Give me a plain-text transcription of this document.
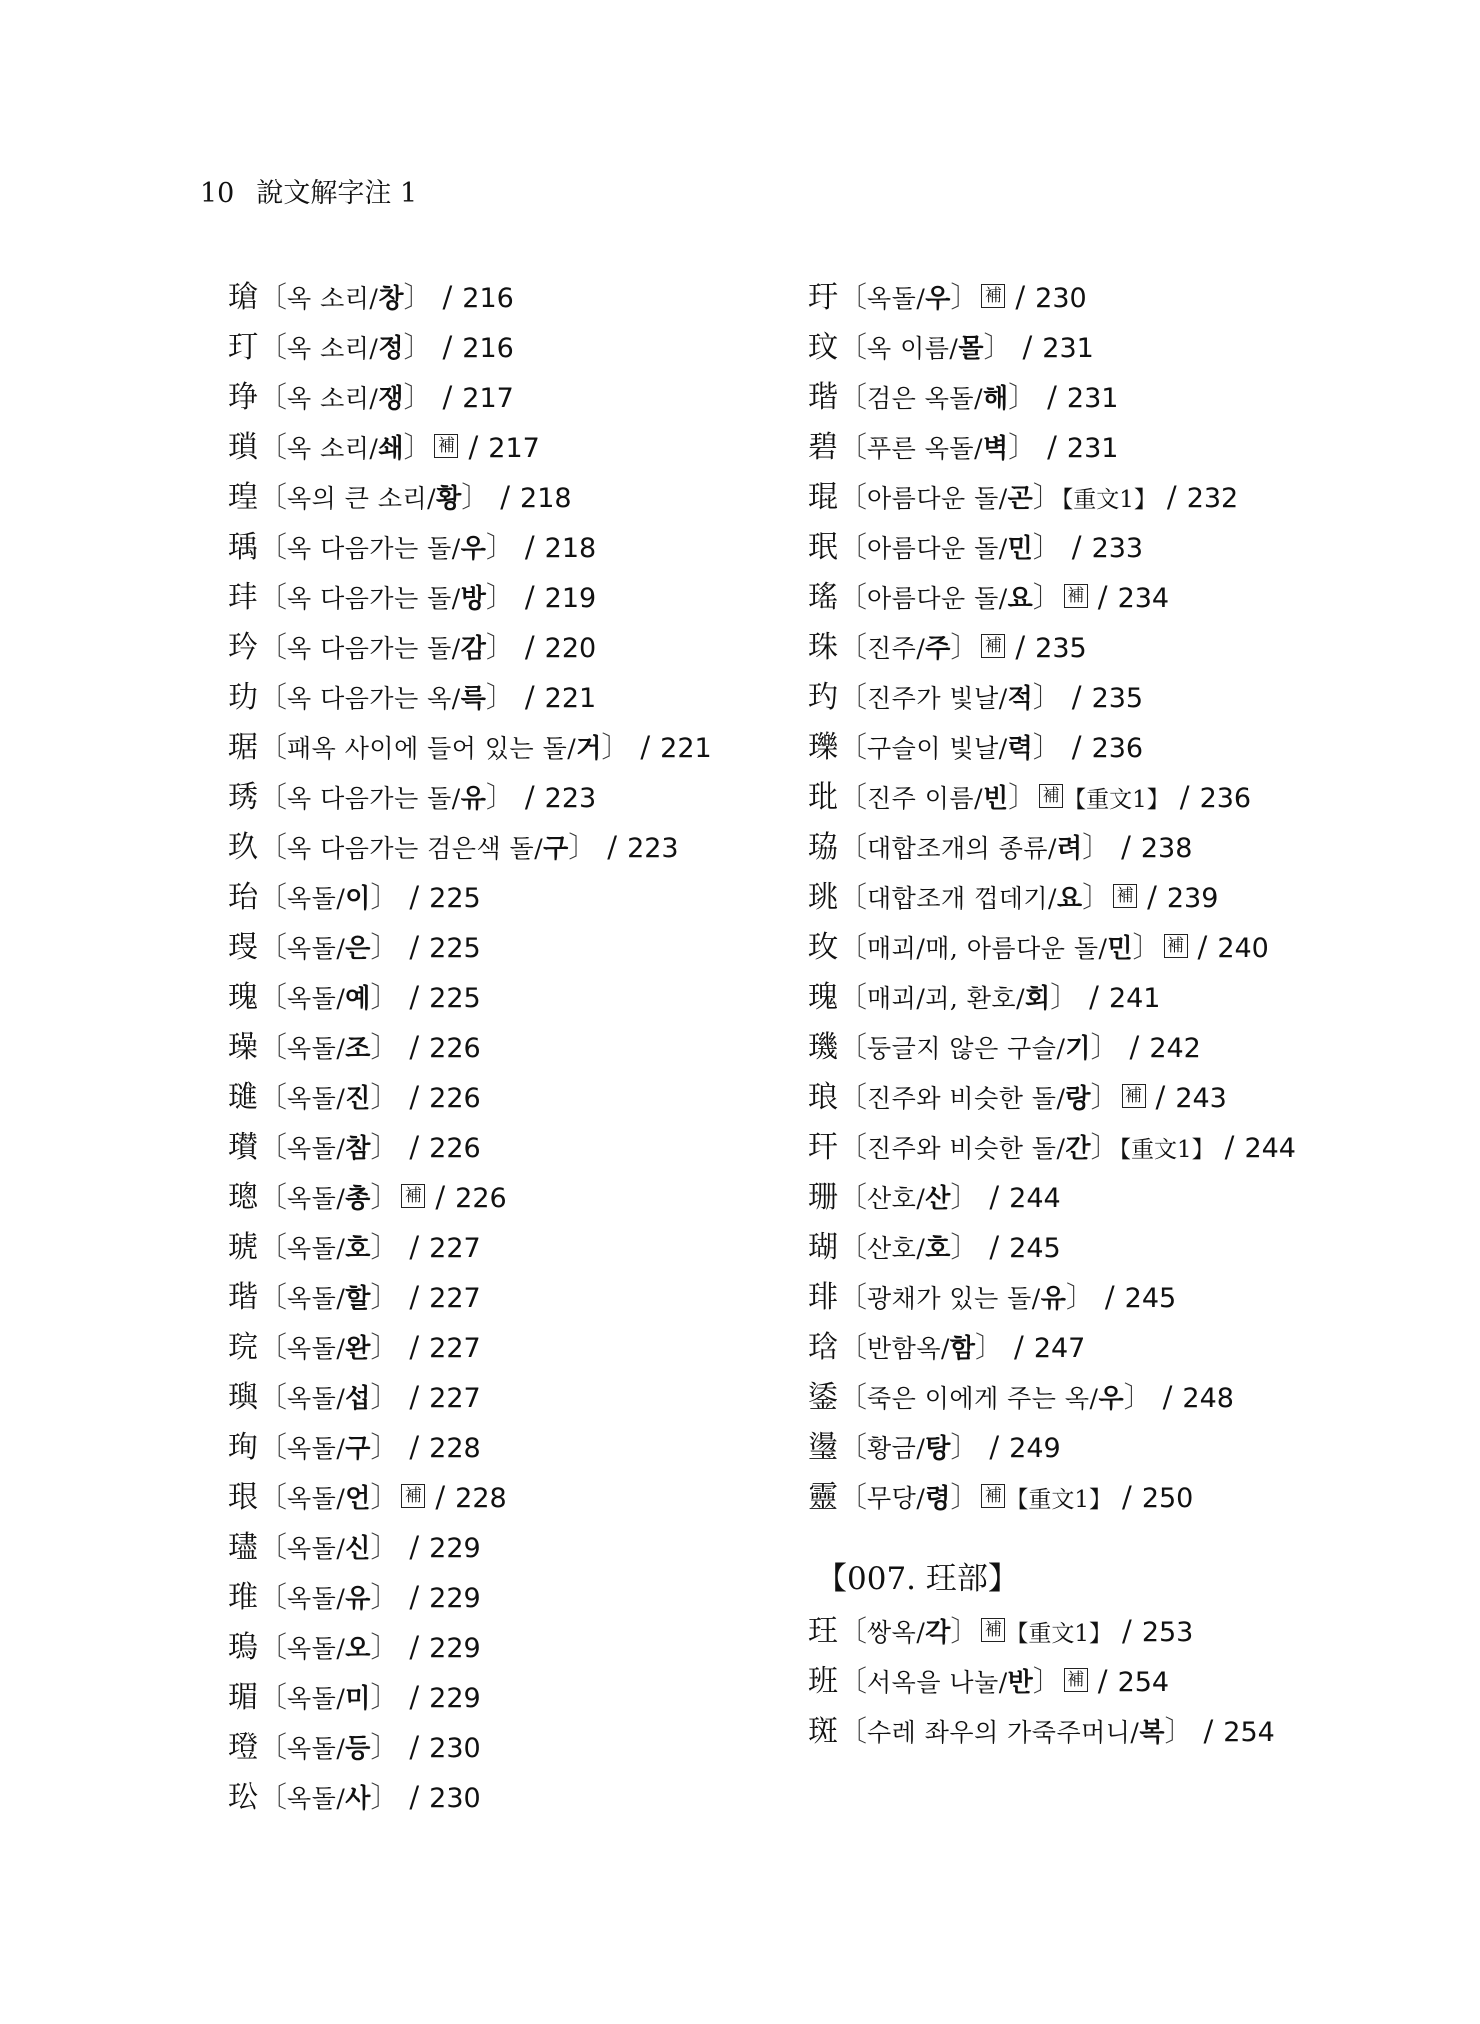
10 說文解字注 1
瑲〔옥 소리/창〕 / 216
玎〔옥 소리/정〕 / 216
琤〔옥 소리/쟁〕 / 217
瑣〔옥 소리/쇄〕 補 / 217
瑝〔옥의 큰 소리/황〕 / 218
瑀〔옥 다음가는 돌/우〕 / 218
玤〔옥 다음가는 돌/방〕 / 219
玪〔옥 다음가는 돌/감〕 / 220
玏〔옥 다음가는 옥/륵〕 / 221
琚〔패옥 사이에 들어 있는 돌/거〕 / 221
琇〔옥 다음가는 돌/유〕 / 223
玖〔옥 다음가는 검은색 돌/구〕 / 223
珆〔옥돌/이〕 / 225
琝〔옥돌/은〕 / 225
瑰〔옥돌/예〕 / 225
璪〔옥돌/조〕 / 226
璡〔옥돌/진〕 / 226
瓉〔옥돌/참〕 / 226
璁〔옥돌/총〕 補 / 226
琥〔옥돌/호〕 / 227
瑎〔옥돌/할〕 / 227
琓〔옥돌/완〕 / 227
璵〔옥돌/섭〕 / 227
珣〔옥돌/구〕 / 228
珢〔옥돌/언〕 補 / 228
璶〔옥돌/신〕 / 229
琟〔옥돌/유〕 / 229
瑦〔옥돌/오〕 / 229
瑂〔옥돌/미〕 / 229
璒〔옥돌/등〕 / 230
玜〔옥돌/사〕 / 230
玗〔옥돌/우〕 補 / 230
玟〔옥 이름/몰〕 / 231
瑎〔검은 옥돌/해〕 / 231
碧〔푸른 옥돌/벽〕 / 231
琨〔아름다운 돌/곤〕【重文1】 / 232
珉〔아름다운 돌/민〕 / 233
瑤〔아름다운 돌/요〕 補 / 234
珠〔진주/주〕 補 / 235
玓〔진주가 빛날/적〕 / 235
瓅〔구슬이 빛날/력〕 / 236
玭〔진주 이름/빈〕 補 【重文1】 / 236
珕〔대합조개의 종류/려〕 / 238
珧〔대합조개 껍데기/요〕 補 / 239
玫〔매괴/매, 아름다운 돌/민〕 補 / 240
瑰〔매괴/괴, 환호/회〕 / 241
璣〔둥글지 않은 구슬/기〕 / 242
琅〔진주와 비슷한 돌/랑〕 補 / 243
玕〔진주와 비슷한 돌/간〕【重文1】 / 244
珊〔산호/산〕 / 244
瑚〔산호/호〕 / 245
琲〔광채가 있는 돌/유〕 / 245
琀〔반함옥/함〕 / 247
鋈〔죽은 이에게 주는 옥/우〕 / 248
璗〔황금/탕〕 / 249
靈〔무당/령〕 補 【重文1】 / 250
【007. 玨部】
玨〔쌍옥/각〕 補 【重文1】 / 253
班〔서옥을 나눌/반〕 補 / 254
斑〔수레 좌우의 가죽주머니/복〕 / 254
